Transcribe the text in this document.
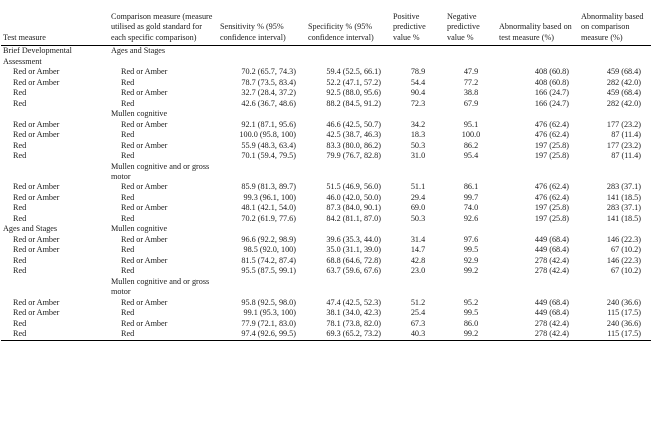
Test measure	Comparison measure (measure utilised as gold standard for each specific comparison)	Sensitivity % (95% confidence interval)	Specificity % (95% confidence interval)	Positive predictive value %	Negative predictive value %	Abnormality based on test measure (%)	Abnormality based on comparison measure (%)
Brief Developmental Assessment	Ages and Stages						
Red or Amber	Red or Amber	70.2 (65.7, 74.3)	59.4 (52.5, 66.1)	78.9	47.9	408 (60.8)	459 (68.4)
Red or Amber	Red	78.7 (73.5, 83.4)	52.2 (47.1, 57.2)	54.4	77.2	408 (60.8)	282 (42.0)
Red	Red or Amber	32.7 (28.4, 37.2)	92.5 (88.0, 95.6)	90.4	38.8	166 (24.7)	459 (68.4)
Red	Red	42.6 (36.7, 48.6)	88.2 (84.5, 91.2)	72.3	67.9	166 (24.7)	282 (42.0)
	Mullen cognitive						
Red or Amber	Red or Amber	92.1 (87.1, 95.6)	46.6 (42.5, 50.7)	34.2	95.1	476 (62.4)	177 (23.2)
Red or Amber	Red	100.0 (95.8, 100)	42.5 (38.7, 46.3)	18.3	100.0	476 (62.4)	87 (11.4)
Red	Red or Amber	55.9 (48.3, 63.4)	83.3 (80.0, 86.2)	50.3	86.2	197 (25.8)	177 (23.2)
Red	Red	70.1 (59.4, 79.5)	79.9 (76.7, 82.8)	31.0	95.4	197 (25.8)	87 (11.4)
	Mullen cognitive and or gross motor						
Red or Amber	Red or Amber	85.9 (81.3, 89.7)	51.5 (46.9, 56.0)	51.1	86.1	476 (62.4)	283 (37.1)
Red or Amber	Red	99.3 (96.1, 100)	46.0 (42.0, 50.0)	29.4	99.7	476 (62.4)	141 (18.5)
Red	Red or Amber	48.1 (42.1, 54.0)	87.3 (84.0, 90.1)	69.0	74.0	197 (25.8)	283 (37.1)
Red	Red	70.2 (61.9, 77.6)	84.2 (81.1, 87.0)	50.3	92.6	197 (25.8)	141 (18.5)
Ages and Stages	Mullen cognitive						
Red or Amber	Red or Amber	96.6 (92.2, 98.9)	39.6 (35.3, 44.0)	31.4	97.6	449 (68.4)	146 (22.3)
Red or Amber	Red	98.5 (92.0, 100)	35.0 (31.1, 39.0)	14.7	99.5	449 (68.4)	67 (10.2)
Red	Red or Amber	81.5 (74.2, 87.4)	68.8 (64.6, 72.8)	42.8	92.9	278 (42.4)	146 (22.3)
Red	Red	95.5 (87.5, 99.1)	63.7 (59.6, 67.6)	23.0	99.2	278 (42.4)	67 (10.2)
	Mullen cognitive and or gross motor						
Red or Amber	Red or Amber	95.8 (92.5, 98.0)	47.4 (42.5, 52.3)	51.2	95.2	449 (68.4)	240 (36.6)
Red or Amber	Red	99.1 (95.3, 100)	38.1 (34.0, 42.3)	25.4	99.5	449 (68.4)	115 (17.5)
Red	Red or Amber	77.9 (72.1, 83.0)	78.1 (73.8, 82.0)	67.3	86.0	278 (42.4)	240 (36.6)
Red	Red	97.4 (92.6, 99.5)	69.3 (65.2, 73.2)	40.3	99.2	278 (42.4)	115 (17.5)
